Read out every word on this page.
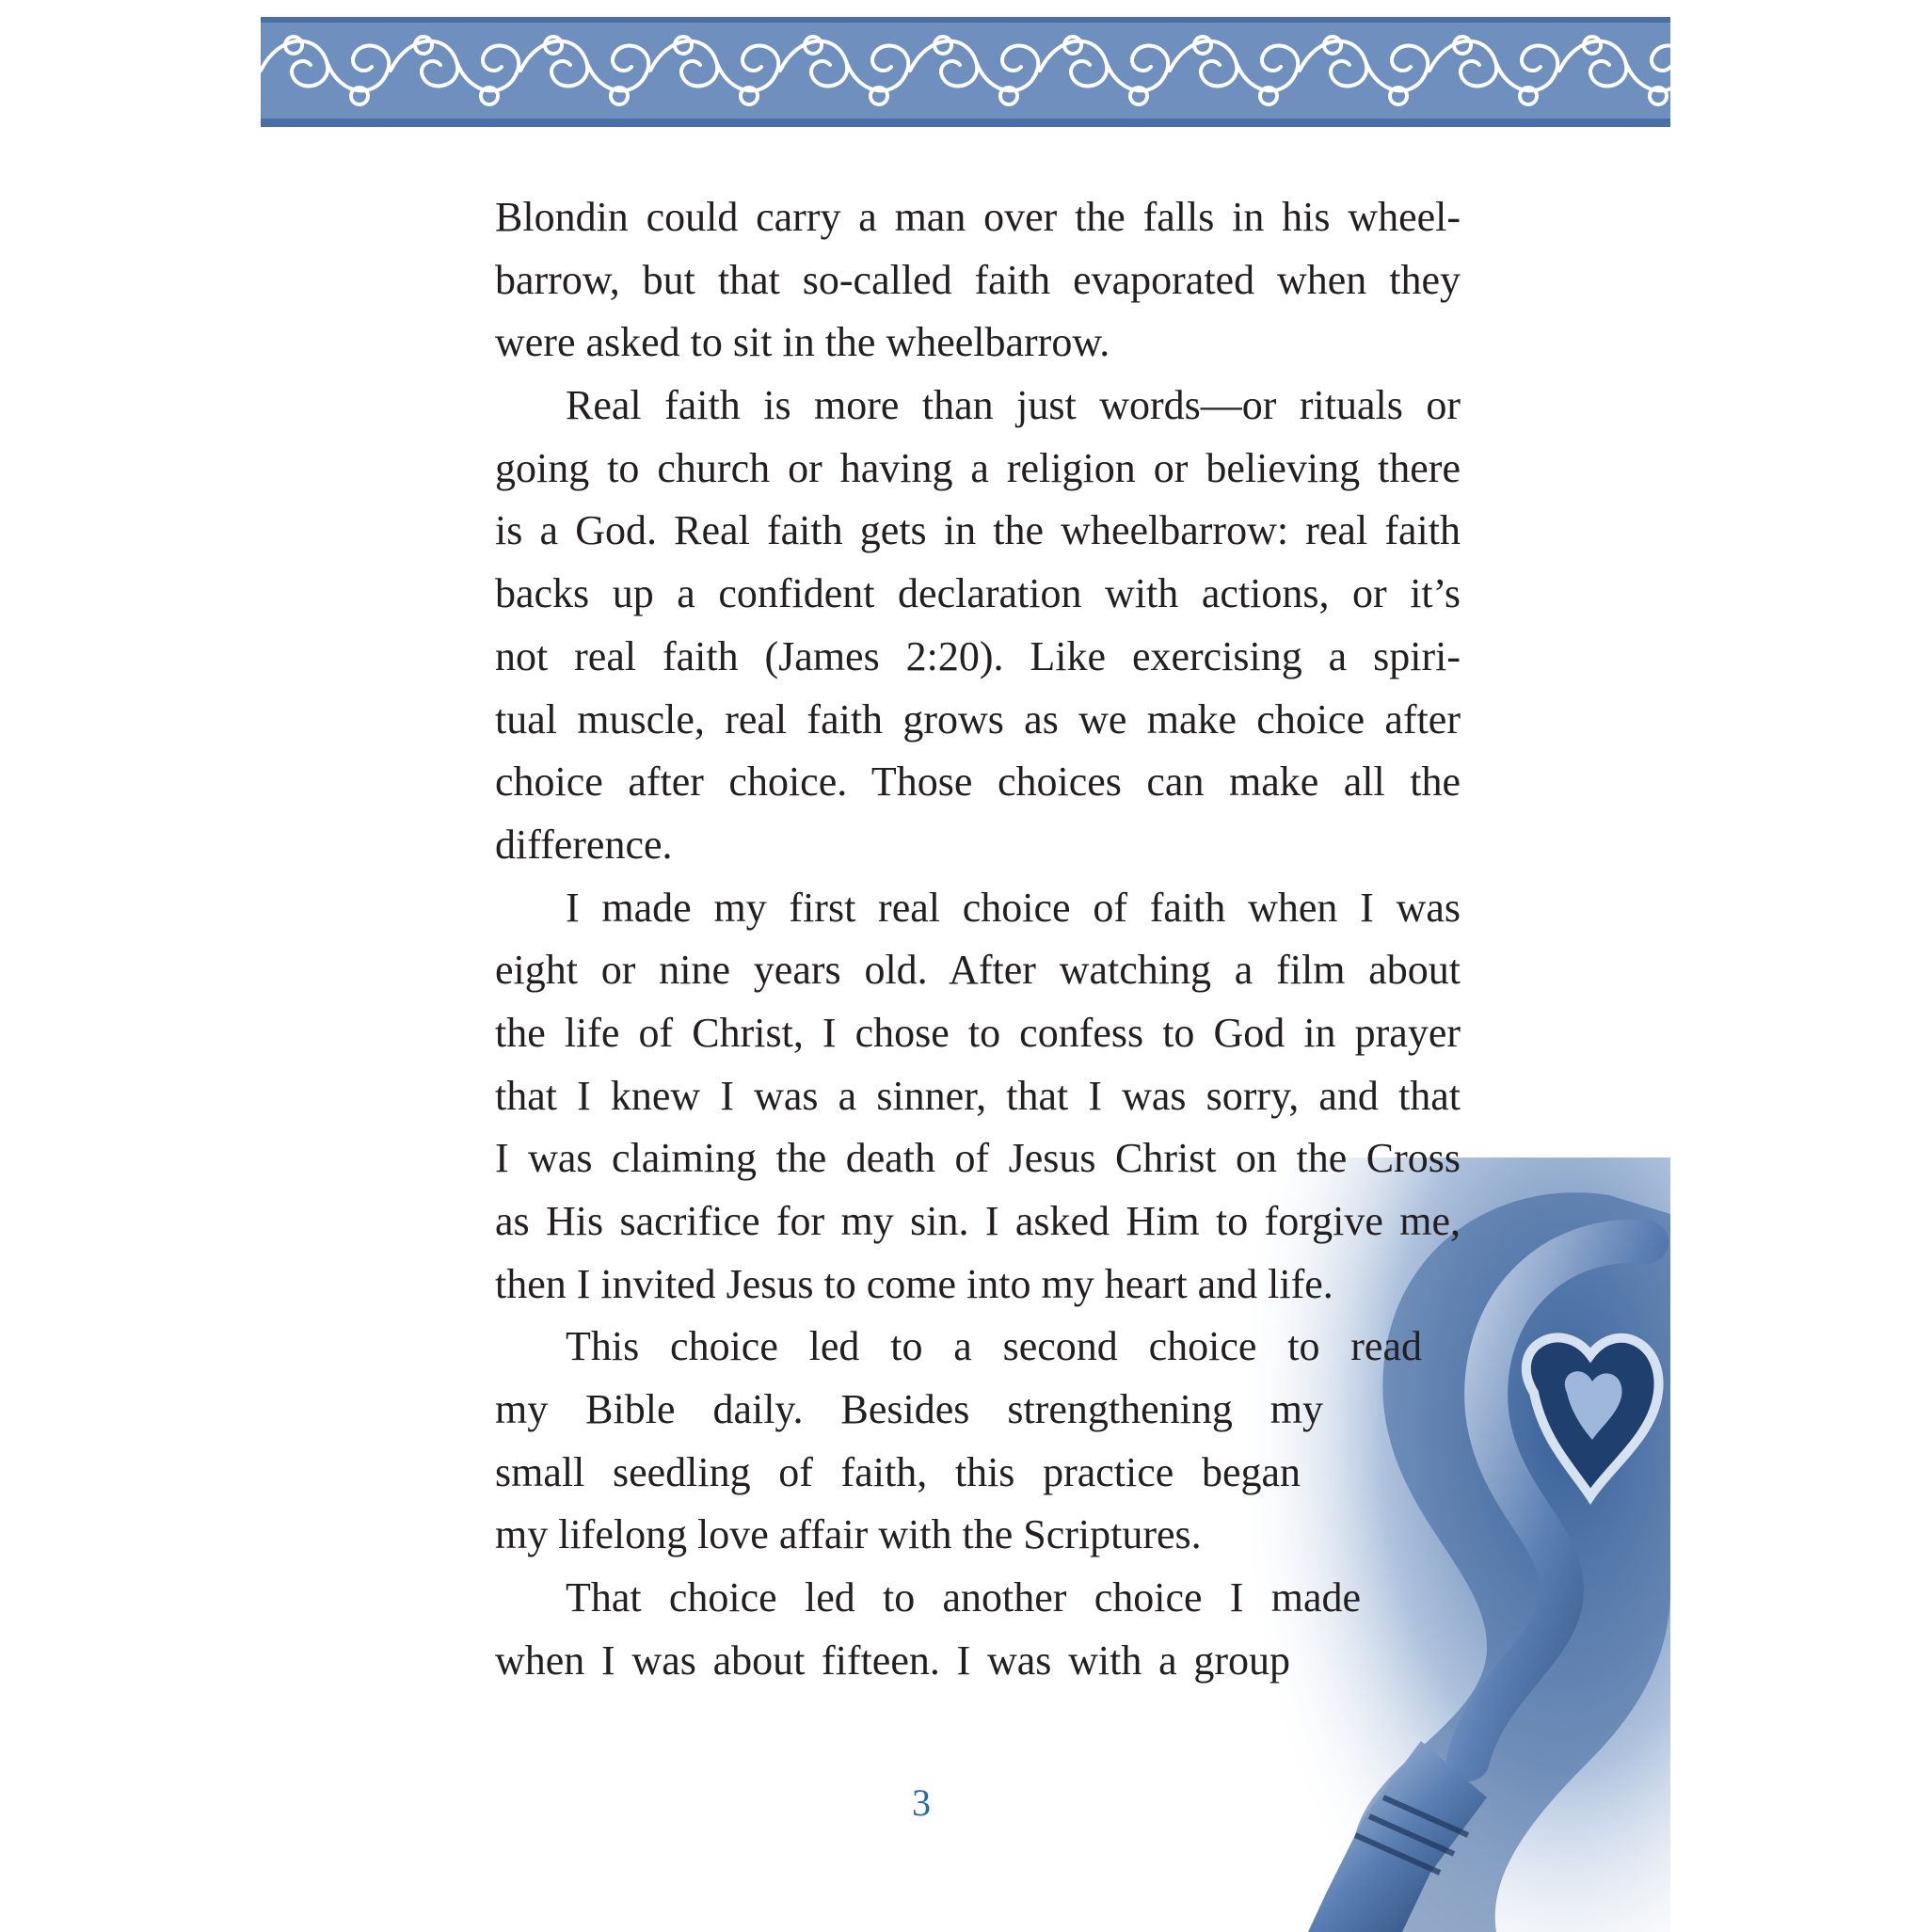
Blondin could carry a man over the falls in his wheel-
barrow, but that so-called faith evaporated when they
were asked to sit in the wheelbarrow.
Real faith is more than just words—or rituals or
going to church or having a religion or believing there
is a God. Real faith gets in the wheelbarrow: real faith
backs up a confident declaration with actions, or it’s
not real faith (James 2:20). Like exercising a spiri-
tual muscle, real faith grows as we make choice after
choice after choice. Those choices can make all the
difference.
I made my first real choice of faith when I was
eight or nine years old. After watching a film about
the life of Christ, I chose to confess to God in prayer
that I knew I was a sinner, that I was sorry, and that
I was claiming the death of Jesus Christ on the Cross
as His sacrifice for my sin. I asked Him to forgive me,
then I invited Jesus to come into my heart and life.
This choice led to a second choice to read
my Bible daily. Besides strengthening my
small seedling of faith, this practice began
my lifelong love affair with the Scriptures.
That choice led to another choice I made
when I was about fifteen. I was with a group
3
